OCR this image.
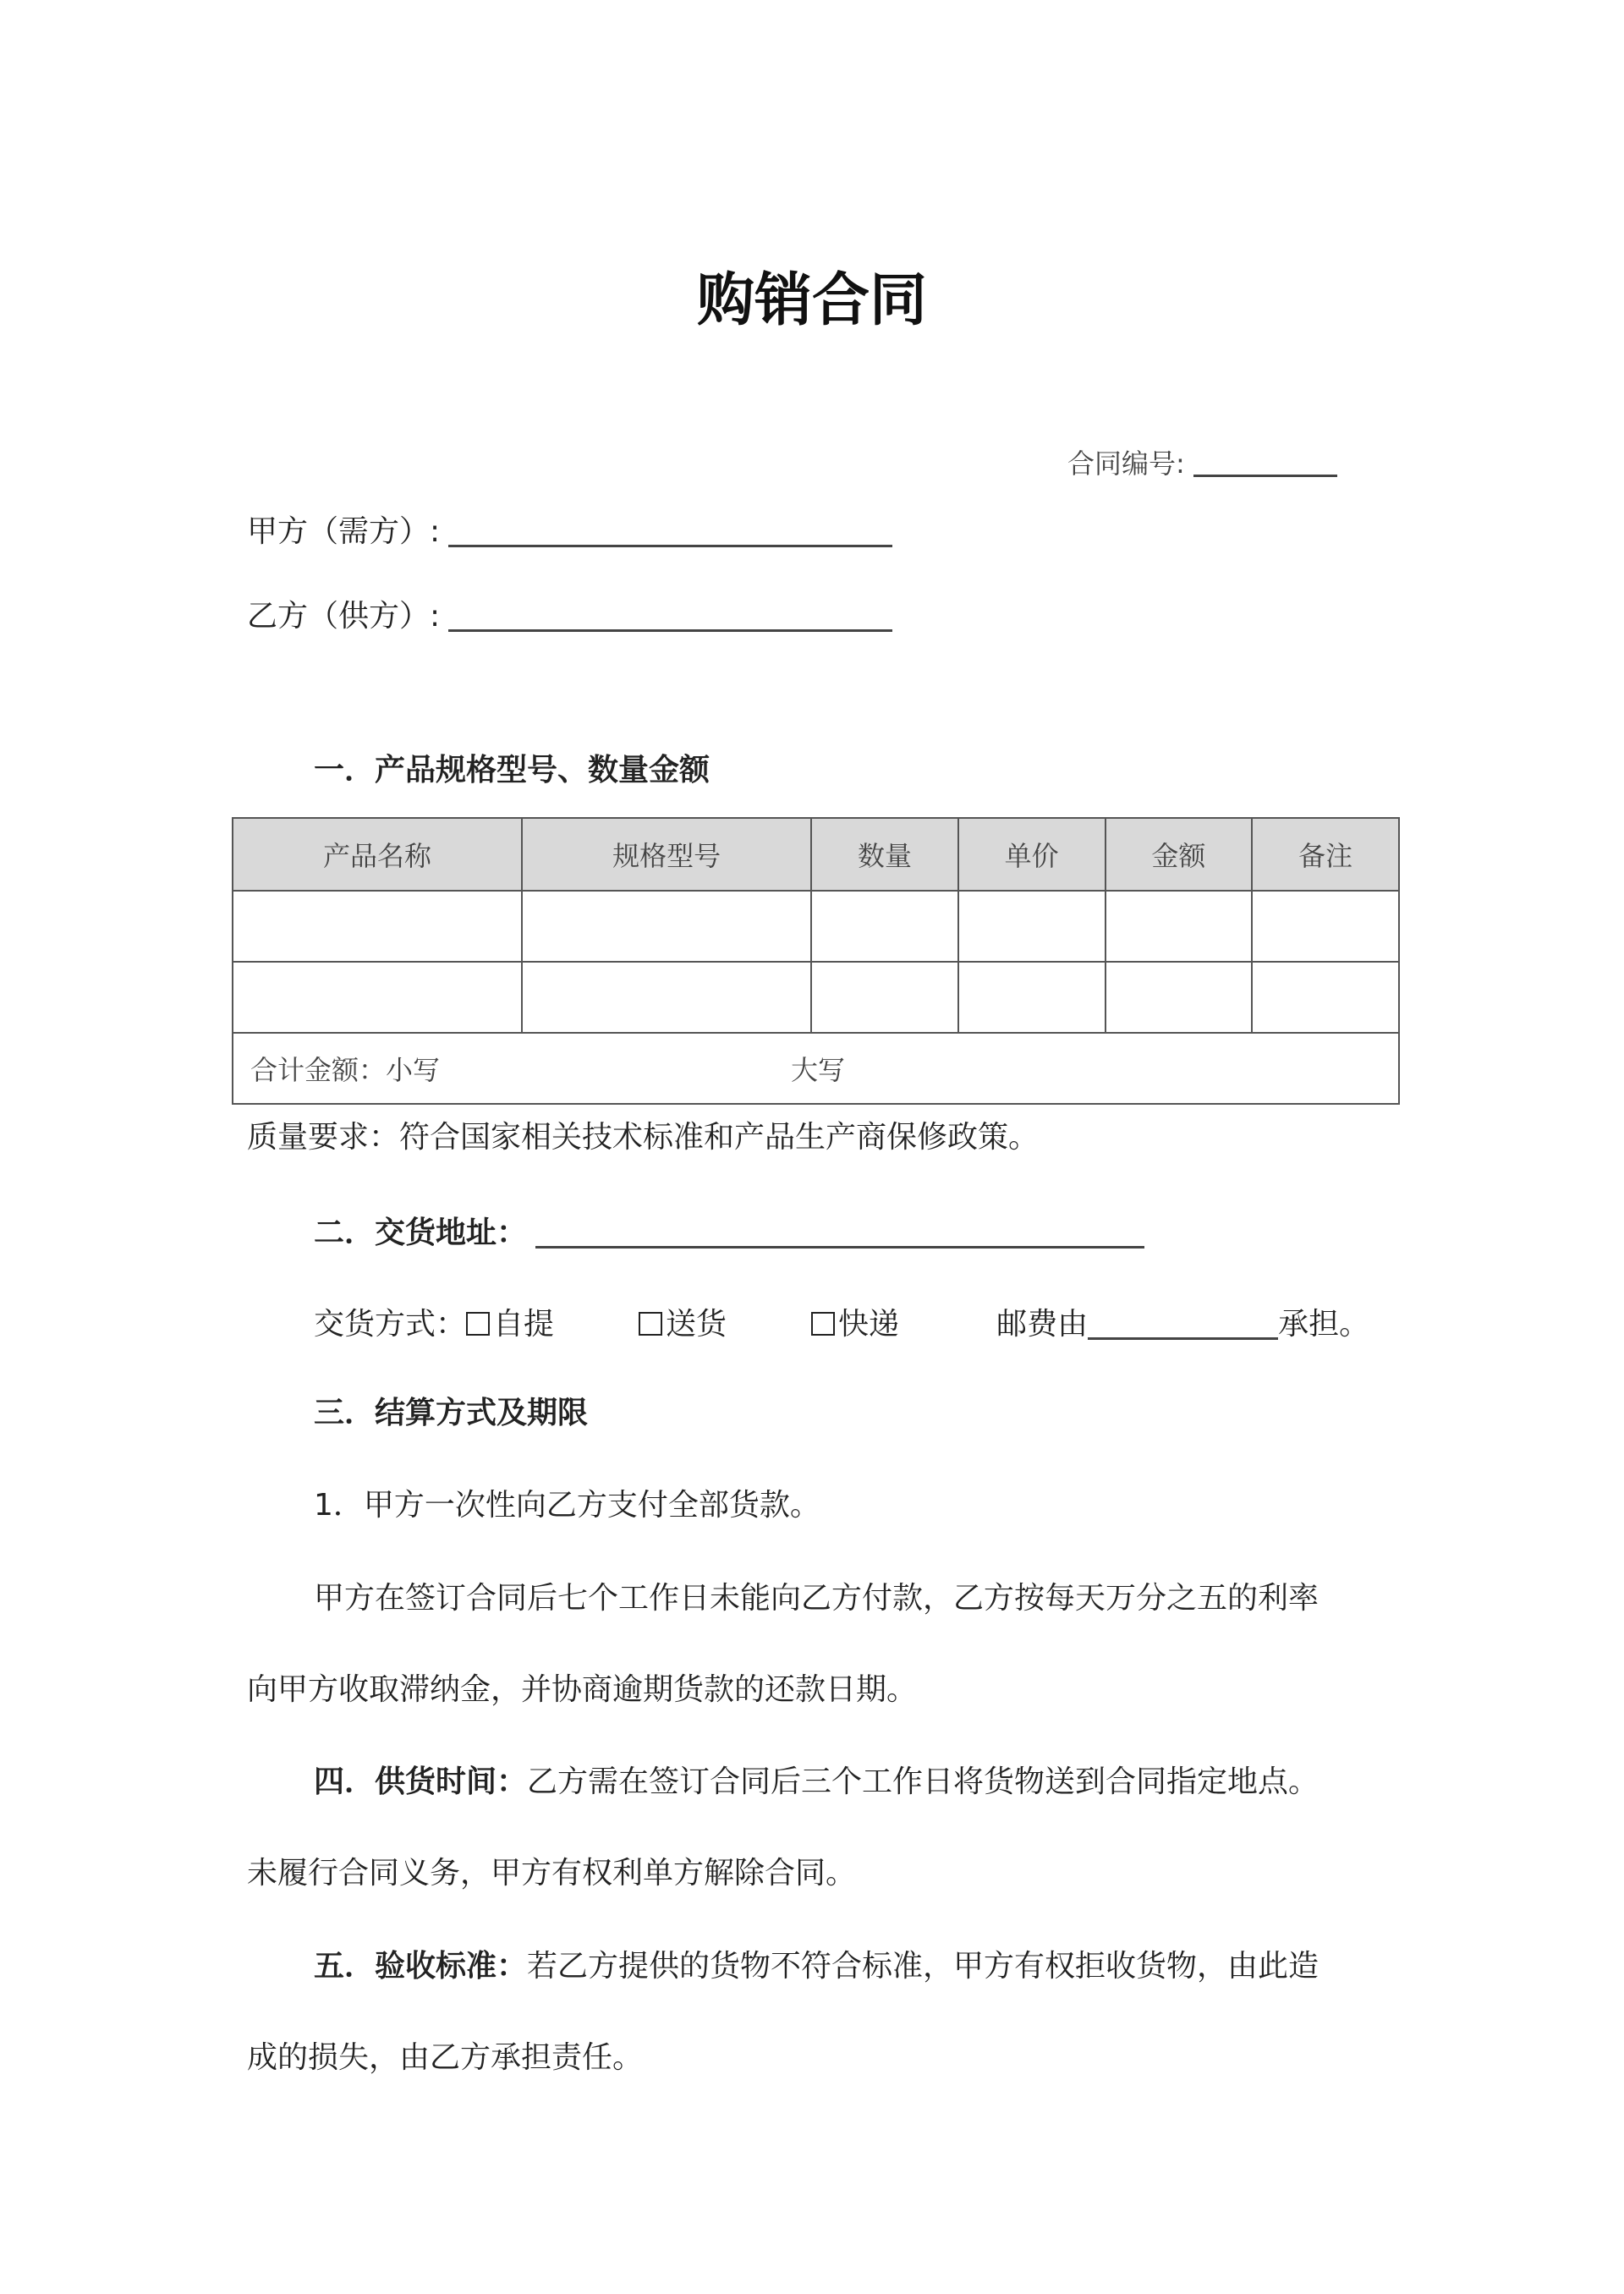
购销合同
合同编号:
甲方（需方）:
乙方（供方）:
一．产品规格型号、数量金额
产品名称	规格型号	数量	单价	金额	备注

合计金额：小写 大写					
质量要求：符合国家相关技术标准和产品生产商保修政策。
二．交货地址：
交货方式： 自提	送货	快递	邮费由	承担。
三．结算方式及期限
1．甲方一次性向乙方支付全部货款。
甲方在签订合同后七个工作日未能向乙方付款，乙方按每天万分之五的利率
向甲方收取滞纳金，并协商逾期货款的还款日期。
四．供货时间：乙方需在签订合同后三个工作日将货物送到合同指定地点。
未履行合同义务，甲方有权利单方解除合同。
五．验收标准：若乙方提供的货物不符合标准，甲方有权拒收货物，由此造
成的损失，由乙方承担责任。
